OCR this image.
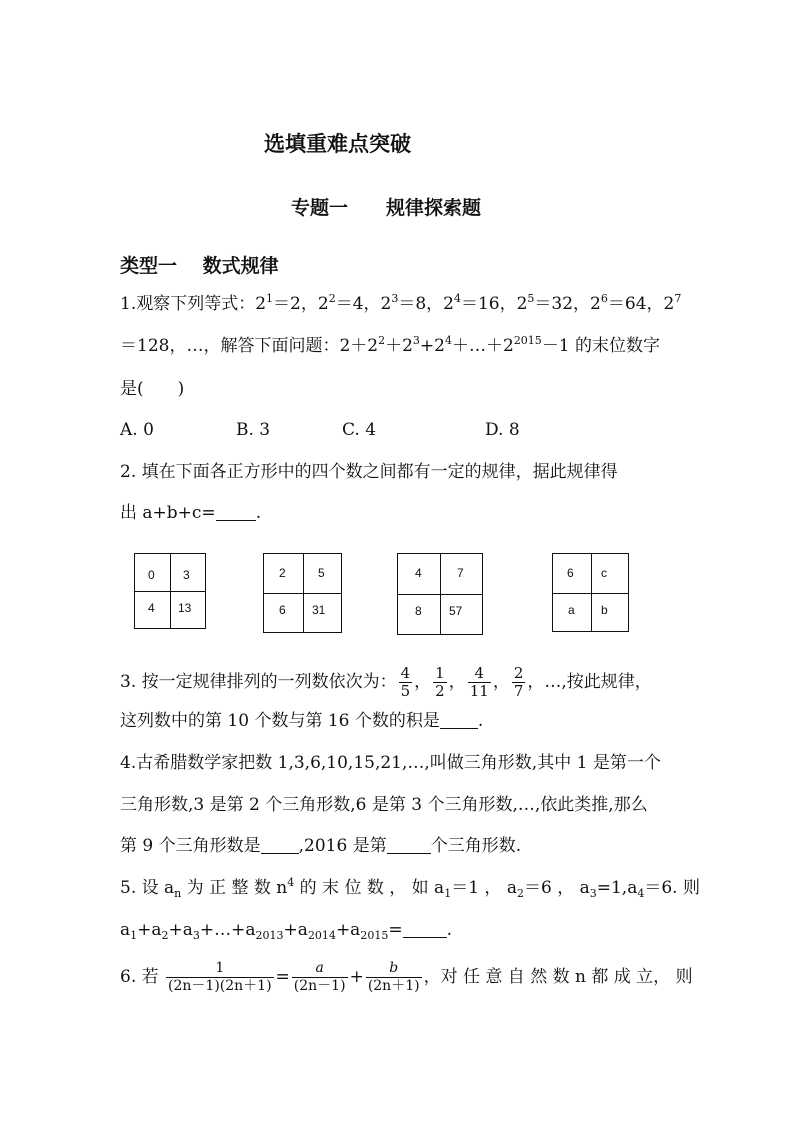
选填重难点突破
专题一　　规律探索题
类型一　 数式规律
1.观察下列等式：$2^1=2$，$2^2=4$，$2^3=8$，$2^4=16$，$2^5=32$，$2^6=64$，$2^7$
＝128，…，解答下面问题：$2+2^2+2^3+2^4+\dots+2^{2015}-1$ 的末位数字
是(　　)
A. 0	B. 3	C. 4	D. 8
2. 填在下面各正方形中的四个数之间都有一定的规律，据此规律得
出 a+b+c= .
0 3
4 13
2	5
6 31
4	7
8 57
6 c
a b
3. 按一定规律排列的一列数依次为： $\frac{4}{5}$ ， $\frac{1}{2}$ ， $\frac{4}{11}$ ， $\frac{2}{7}$ ，…,按此规律，
这列数中的第 10 个数与第 16 个数的积是 .
4.古希腊数学家把数 1,3,6,10,15,21,…,叫做三角形数,其中 1 是第一个
三角形数,3 是第 2 个三角形数,6 是第 3 个三角形数,…,依此类推,那么
第 9 个三角形数是 ,2016 是第	个三角形数.
5. 设 $a_n$ 为 正 整 数 $n^4$ 的 末 位 数 ， 如 $a_1=1$ ， $a_2=6$ ， $a_3=1,a_4=6$. 则
$a_1+a_2+a_3+\dots+a_{2013}+a_{2014}+a_{2015}=$	.
6. 若 $\frac{1}{(2n-1)(2n+1)} = \frac{a}{(2n-1)} + \frac{b}{(2n+1)}$ ，对 任 意 自 然 数 n 都 成 立， 则
